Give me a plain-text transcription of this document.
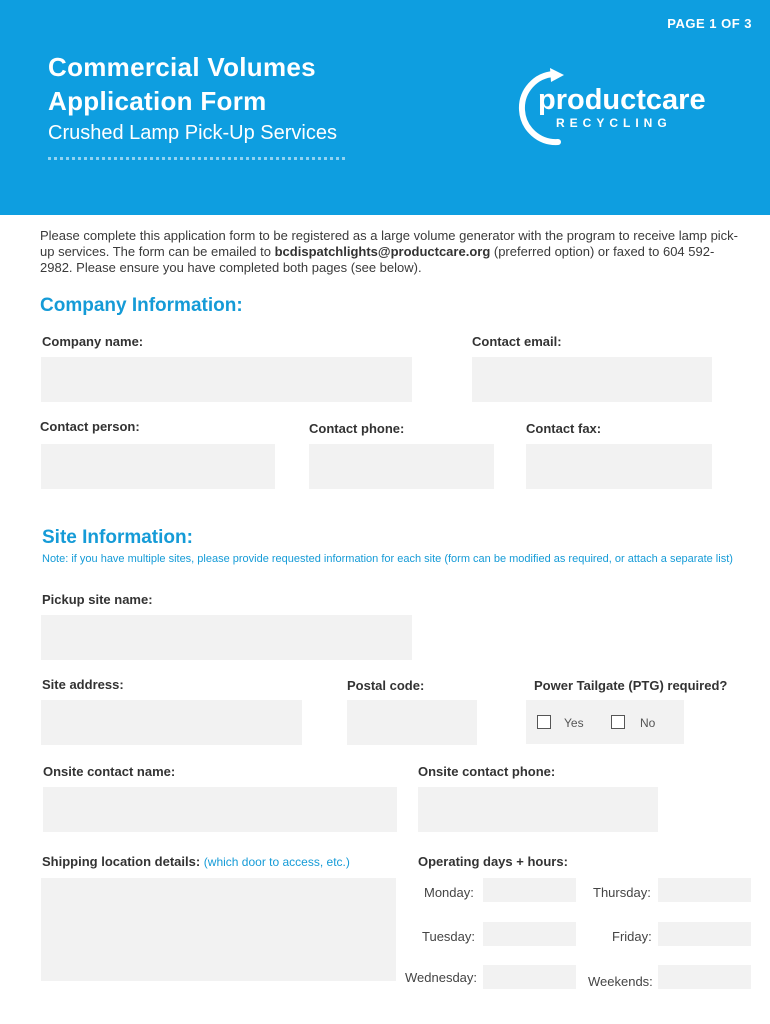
PAGE 1 OF 3
Commercial Volumes
Application Form
Crushed Lamp Pick-Up Services
productcare
RECYCLING
Please complete this application form to be registered as a large volume generator with the program to receive lamp pick-up services. The form can be emailed to bcdispatchlights@productcare.org (preferred option) or faxed to 604 592-2982. Please ensure you have completed both pages (see below).
Company Information:
Company name:	Contact email:
Contact person:	Contact phone:	Contact fax:
Site Information:
Note: if you have multiple sites, please provide requested information for each site (form can be modified as required, or attach a separate list)
Pickup site name:
Site address:	Postal code:	Power Tailgate (PTG) required?
Yes	No
Onsite contact name:	Onsite contact phone:
Shipping location details: (which door to access, etc.)	Operating days + hours:
Monday:
Tuesday:
Wednesday:
Thursday:
Friday:
Weekends:
